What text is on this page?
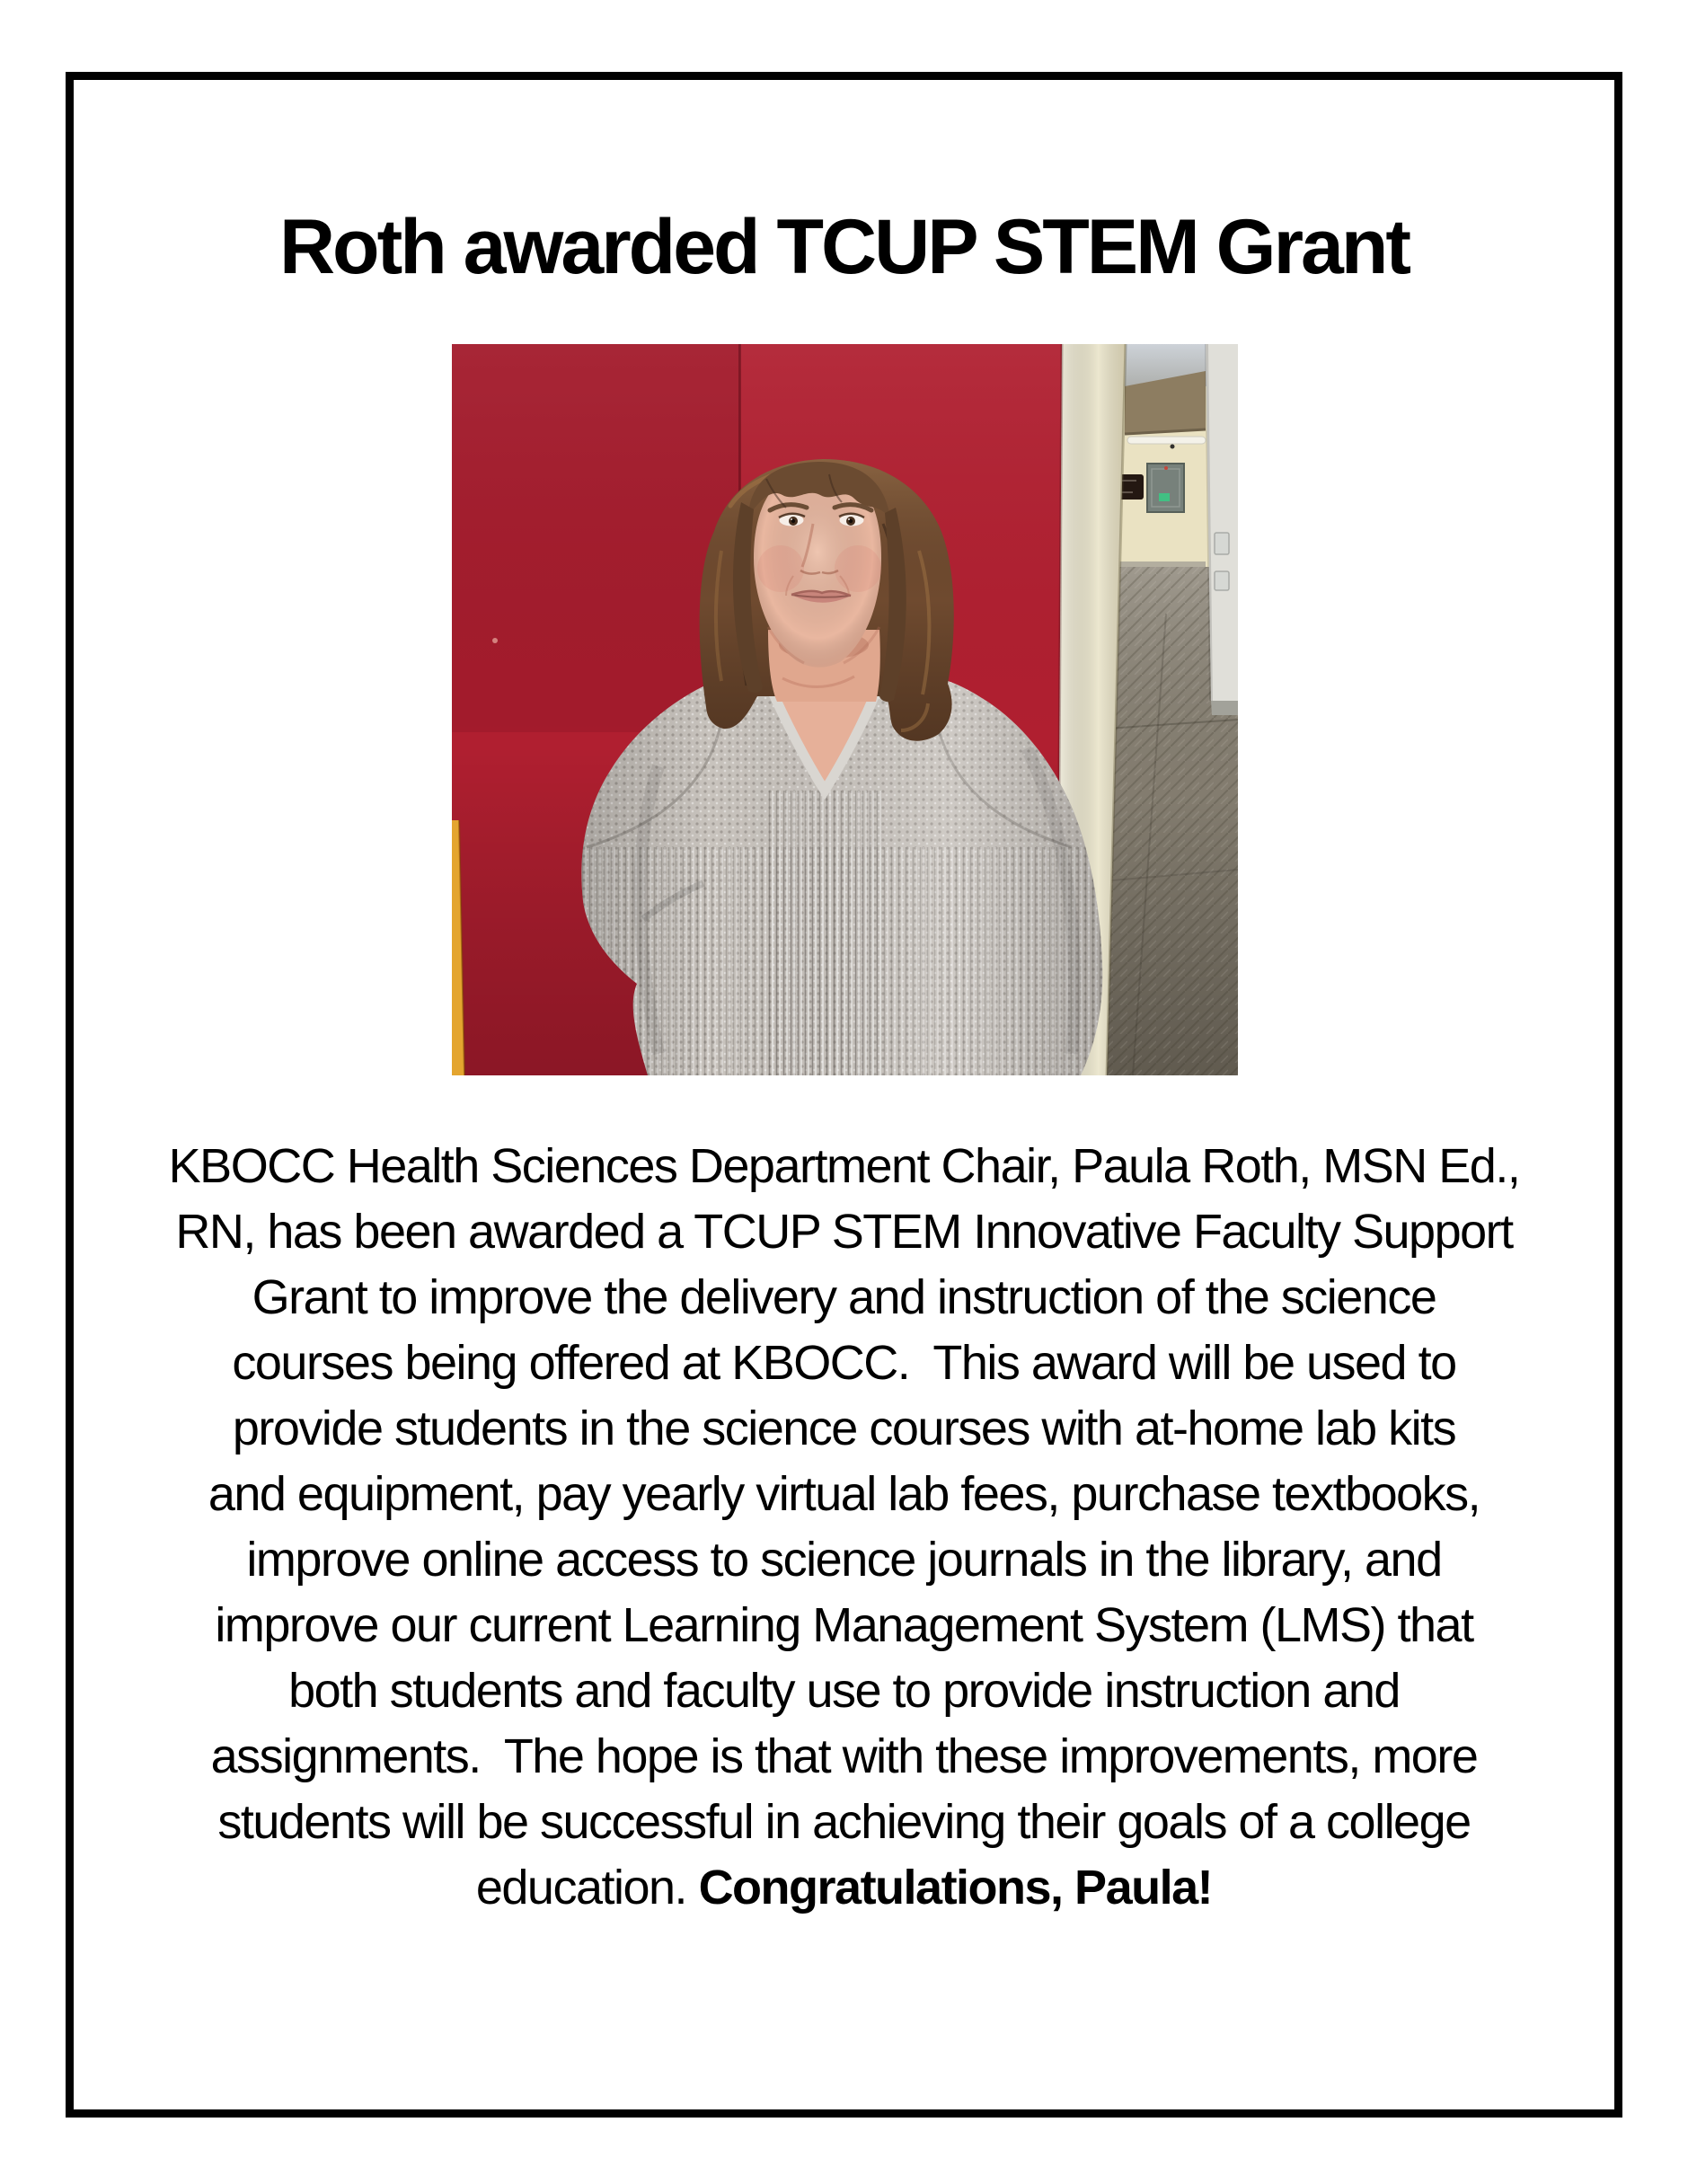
Roth awarded TCUP STEM Grant
KBOCC Health Sciences Department Chair, Paula Roth, MSN Ed.,
RN, has been awarded a TCUP STEM Innovative Faculty Support
Grant to improve the delivery and instruction of the science
courses being offered at KBOCC.  This award will be used to
provide students in the science courses with at-home lab kits
and equipment, pay yearly virtual lab fees, purchase textbooks,
improve online access to science journals in the library, and
improve our current Learning Management System (LMS) that
both students and faculty use to provide instruction and
assignments.  The hope is that with these improvements, more
students will be successful in achieving their goals of a college
education. Congratulations, Paula!
